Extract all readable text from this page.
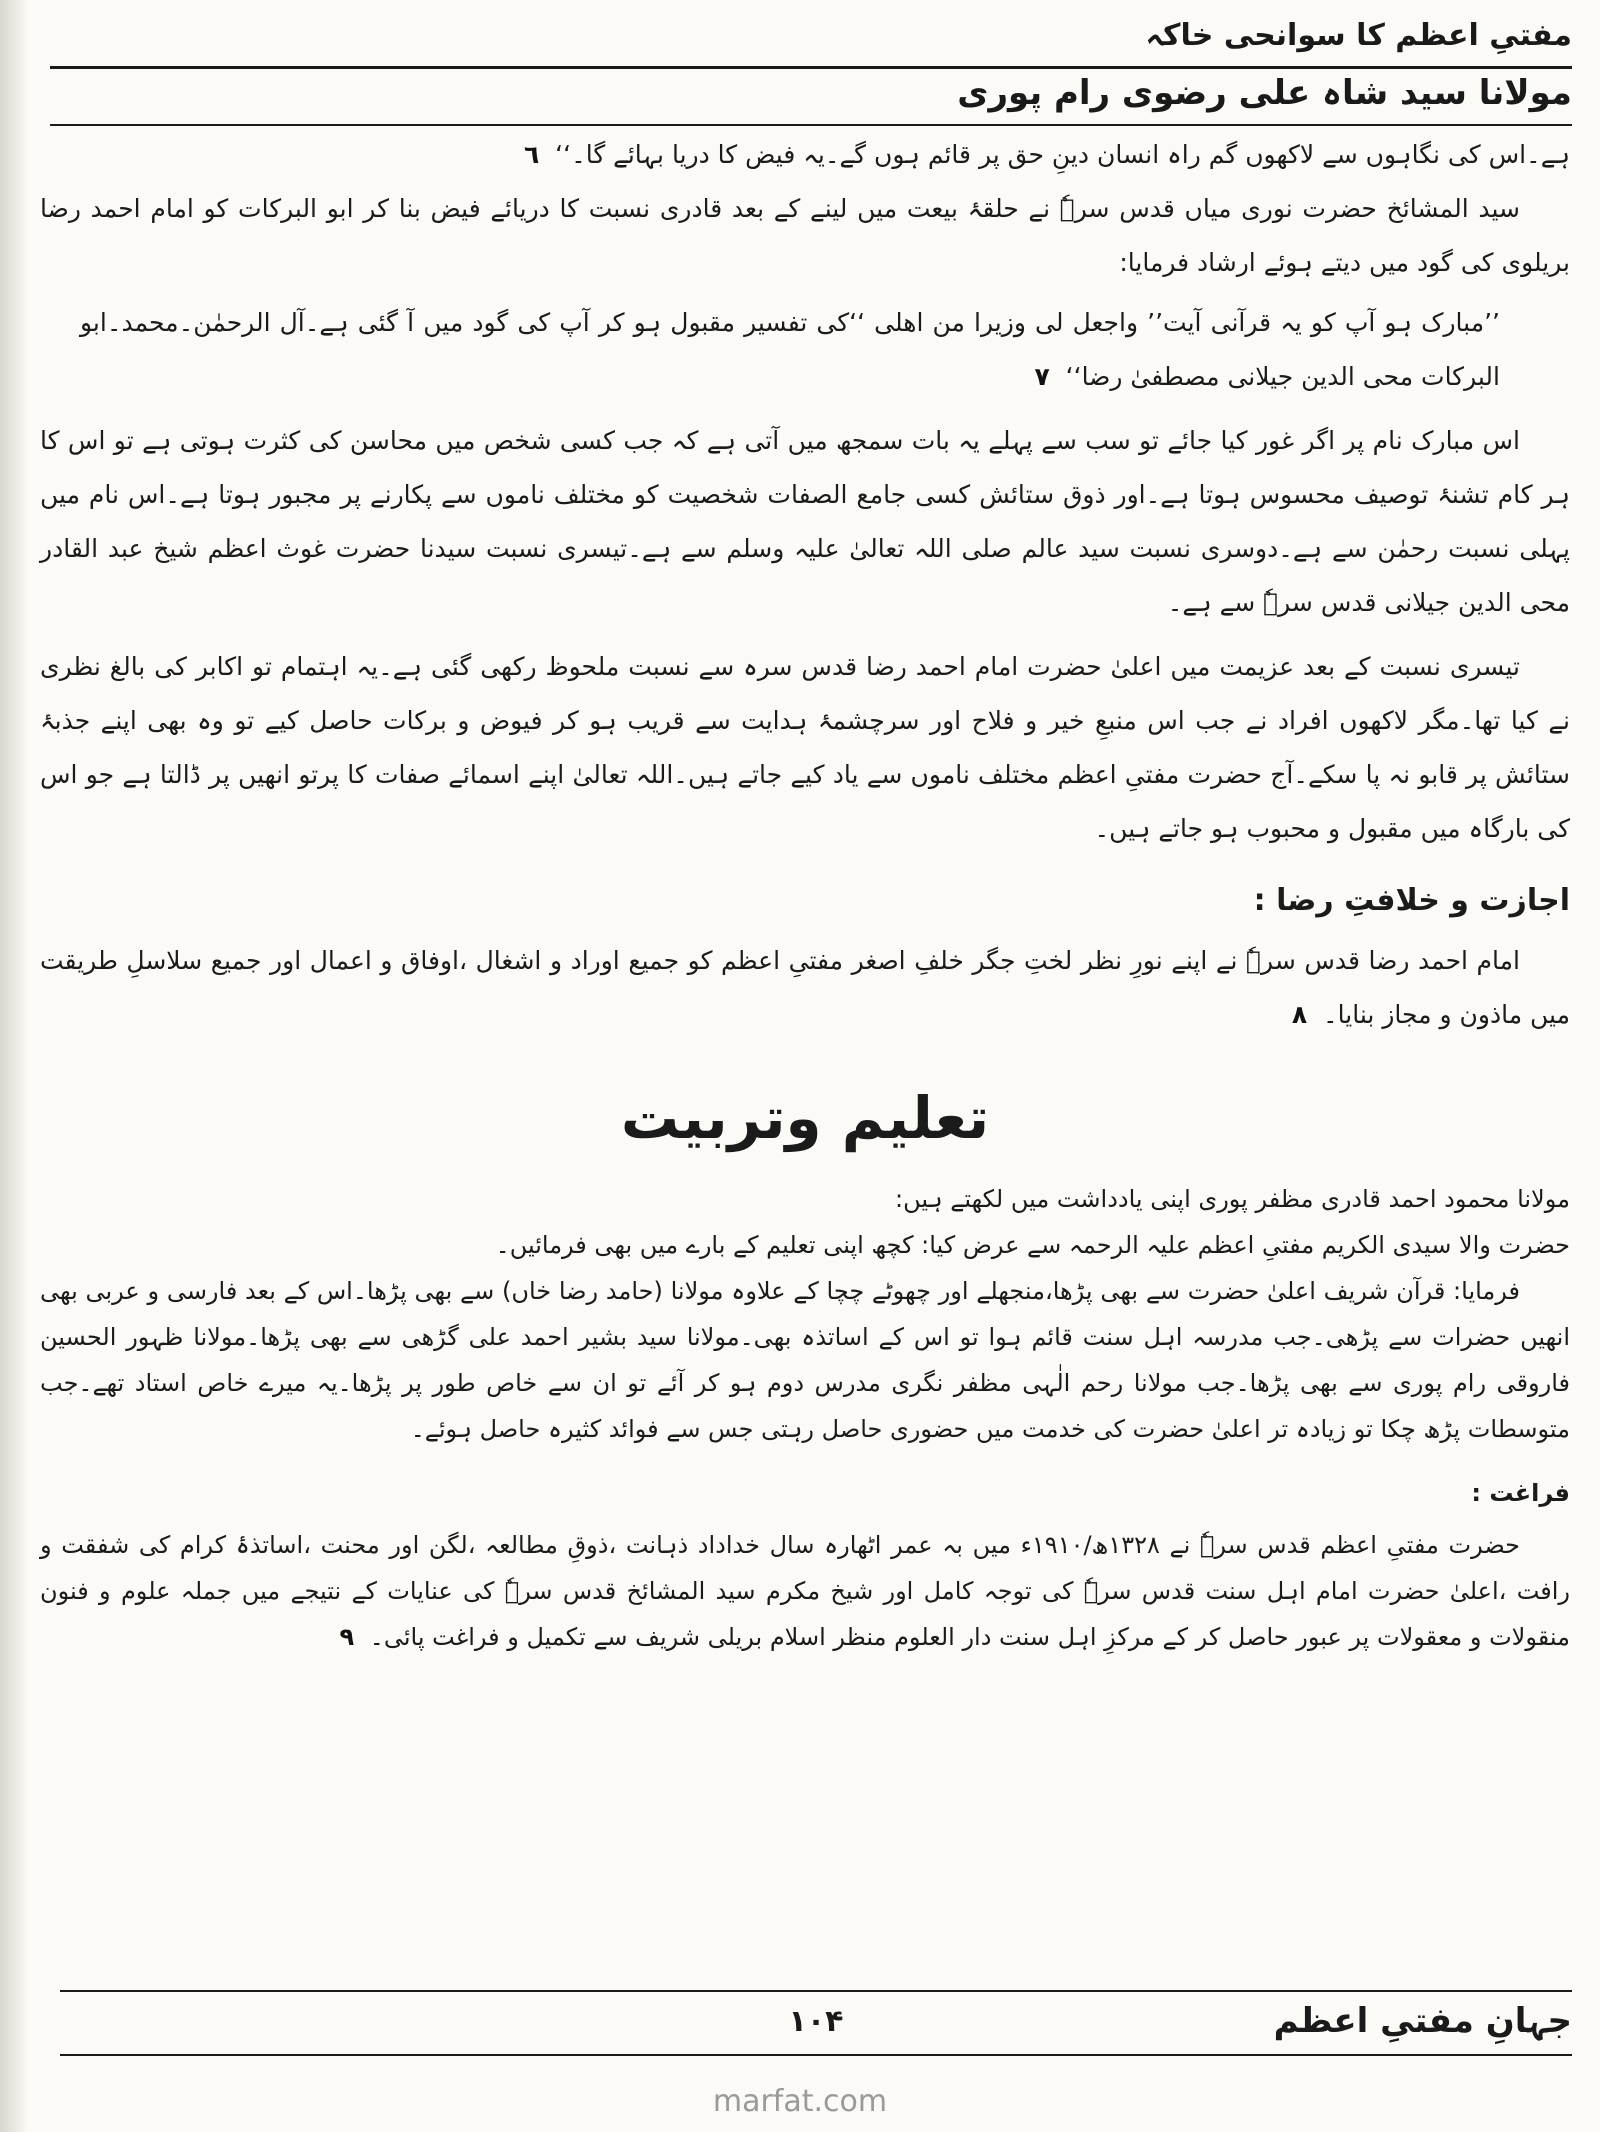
مفتیِ اعظم کا سوانحی خاکہ
مولانا سید شاہ علی رضوی رام پوری

ہے۔اس کی نگاہوں سے لاکھوں گم راہ انسان دینِ حق پر قائم ہوں گے۔یہ فیض کا دریا بہائے گا۔‘‘ ٦

سید المشائخ حضرت نوری میاں قدس سرہٗ نے حلقۂ بیعت میں لینے کے بعد قادری نسبت کا دریائے فیض بنا کر ابو البرکات کو امام احمد رضا بریلوی کی گود میں دیتے ہوئے ارشاد فرمایا:

’’مبارک ہو آپ کو یہ قرآنی آیت’’ واجعل لی وزیرا من اھلی ‘‘کی تفسیر مقبول ہو کر آپ کی گود میں آ گئی ہے۔آل الرحمٰن۔محمد۔ابو البرکات محی الدین جیلانی مصطفیٰ رضا‘‘ ٧

اس مبارک نام پر اگر غور کیا جائے تو سب سے پہلے یہ بات سمجھ میں آتی ہے کہ جب کسی شخص میں محاسن کی کثرت ہوتی ہے تو اس کا ہر کام تشنۂ توصیف محسوس ہوتا ہے۔اور ذوق ستائش کسی جامع الصفات شخصیت کو مختلف ناموں سے پکارنے پر مجبور ہوتا ہے۔اس نام میں پہلی نسبت رحمٰن سے ہے۔دوسری نسبت سید عالم صلی اللہ تعالیٰ علیہ وسلم سے ہے۔تیسری نسبت سیدنا حضرت غوث اعظم شیخ عبد القادر محی الدین جیلانی قدس سرہٗ سے ہے۔

تیسری نسبت کے بعد عزیمت میں اعلیٰ حضرت امام احمد رضا قدس سرہ سے نسبت ملحوظ رکھی گئی ہے۔یہ اہتمام تو اکابر کی بالغ نظری نے کیا تھا۔مگر لاکھوں افراد نے جب اس منبعِ خیر و فلاح اور سرچشمۂ ہدایت سے قریب ہو کر فیوض و برکات حاصل کیے تو وہ بھی اپنے جذبۂ ستائش پر قابو نہ پا سکے۔آج حضرت مفتیِ اعظم مختلف ناموں سے یاد کیے جاتے ہیں۔اللہ تعالیٰ اپنے اسمائے صفات کا پرتو انھیں پر ڈالتا ہے جو اس کی بارگاہ میں مقبول و محبوب ہو جاتے ہیں۔

اجازت و خلافتِ رضا :

امام احمد رضا قدس سرہٗ نے اپنے نورِ نظر لختِ جگر خلفِ اصغر مفتیِ اعظم کو جمیع اوراد و اشغال ،اوفاق و اعمال اور جمیع سلاسلِ طریقت میں ماذون و مجاز بنایا۔ ٨

تعلیم وتربیت

مولانا محمود احمد قادری مظفر پوری اپنی یادداشت میں لکھتے ہیں:

حضرت والا سیدی الکریم مفتیِ اعظم علیہ الرحمہ سے عرض کیا: کچھ اپنی تعلیم کے بارے میں بھی فرمائیں۔

فرمایا: قرآن شریف اعلیٰ حضرت سے بھی پڑھا،منجھلے اور چھوٹے چچا کے علاوہ مولانا (حامد رضا خاں) سے بھی پڑھا۔اس کے بعد فارسی و عربی بھی انھیں حضرات سے پڑھی۔جب مدرسہ اہل سنت قائم ہوا تو اس کے اساتذہ بھی۔مولانا سید بشیر احمد علی گڑھی سے بھی پڑھا۔مولانا ظہور الحسین فاروقی رام پوری سے بھی پڑھا۔جب مولانا رحم الٰہی مظفر نگری مدرس دوم ہو کر آئے تو ان سے خاص طور پر پڑھا۔یہ میرے خاص استاد تھے۔جب متوسطات پڑھ چکا تو زیادہ تر اعلیٰ حضرت کی خدمت میں حضوری حاصل رہتی جس سے فوائد کثیرہ حاصل ہوئے۔

فراغت :

حضرت مفتیِ اعظم قدس سرہٗ نے ۱۳۲۸ھ/۱۹۱۰ء میں بہ عمر اٹھارہ سال خداداد ذہانت ،ذوقِ مطالعہ ،لگن اور محنت ،اساتذۂ کرام کی شفقت و رافت ،اعلیٰ حضرت امام اہل سنت قدس سرہٗ کی توجہ کامل اور شیخ مکرم سید المشائخ قدس سرہٗ کی عنایات کے نتیجے میں جملہ علوم و فنون منقولات و معقولات پر عبور حاصل کر کے مرکزِ اہل سنت دار العلوم منظر اسلام بریلی شریف سے تکمیل و فراغت پائی۔ ٩

جہانِ مفتیِ اعظم
۱۰۴
marfat.com
